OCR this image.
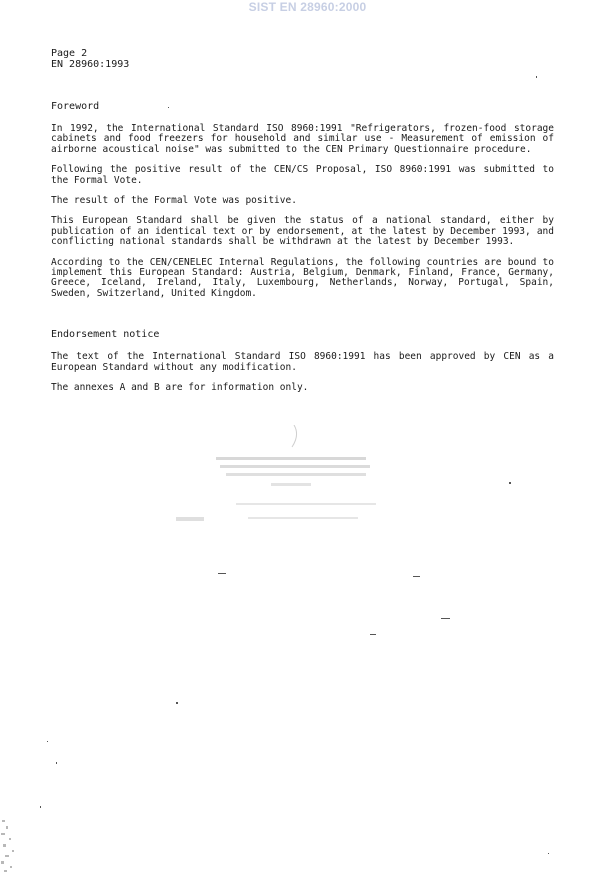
SIST EN 28960:2000
Page 2
EN 28960:1993
Foreword

In 1992, the International Standard ISO 8960:1991 "Refrigerators, frozen-food storage cabinets and food freezers for household and similar use - Measurement of emission of airborne acoustical noise" was submitted to the CEN Primary Questionnaire procedure.

Following the positive result of the CEN/CS Proposal, ISO 8960:1991 was submitted to the Formal Vote.

The result of the Formal Vote was positive.

This European Standard shall be given the status of a national standard, either by publication of an identical text or by endorsement, at the latest by December 1993, and conflicting national standards shall be withdrawn at the latest by December 1993.

According to the CEN/CENELEC Internal Regulations, the following countries are bound to implement this European Standard: Austria, Belgium, Denmark, Finland, France, Germany, Greece, Iceland, Ireland, Italy, Luxembourg, Netherlands, Norway, Portugal, Spain, Sweden, Switzerland, United Kingdom.

Endorsement notice

The text of the International Standard ISO 8960:1991 has been approved by CEN as a European Standard without any modification.

The annexes A and B are for information only.
